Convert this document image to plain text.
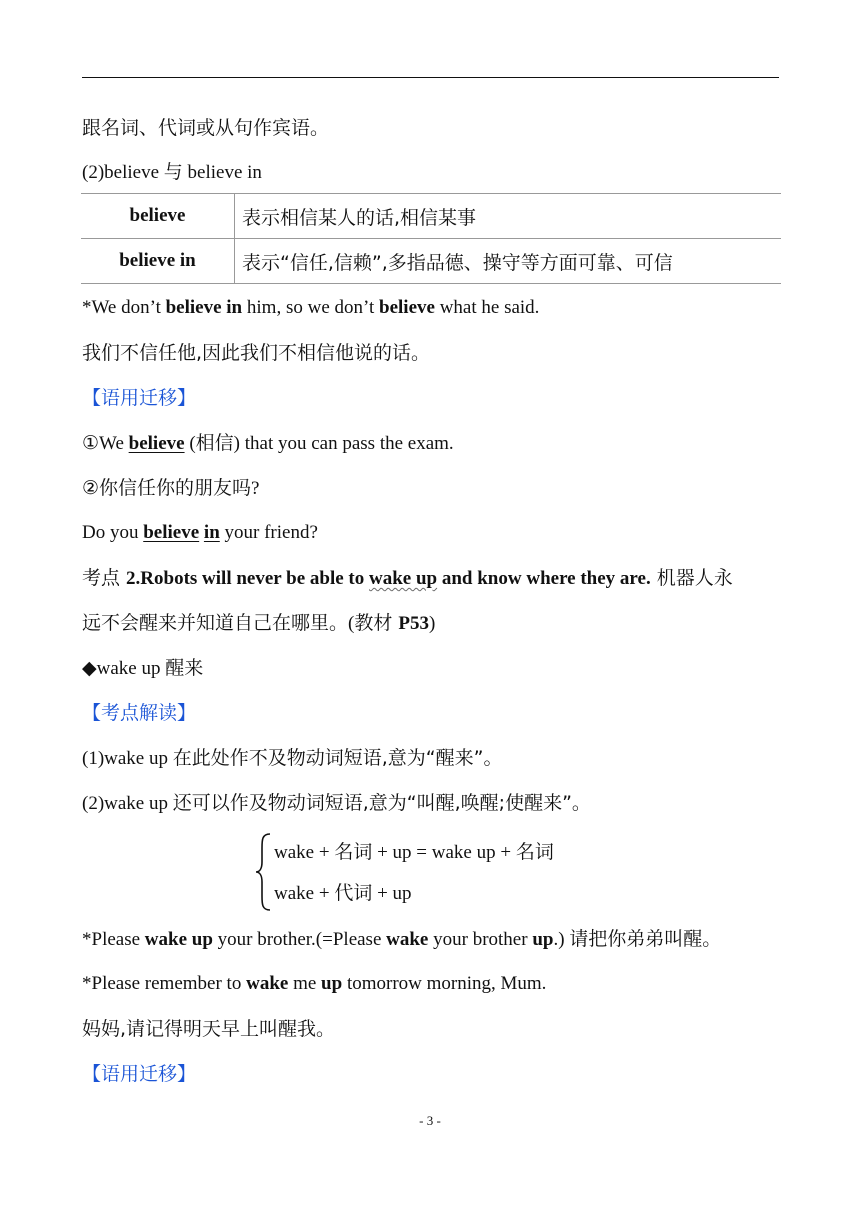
跟名词、代词或从句作宾语。
(2)believe 与 believe in
believe	表示相信某人的话,相信某事
believe in	表示“信任,信赖”,多指品德、操守等方面可靠、可信
*We don’t believe in him, so we don’t believe what he said.
我们不信任他,因此我们不相信他说的话。
【语用迁移】
①We believe (相信) that you can pass the exam.
②你信任你的朋友吗?
Do you believe in your friend?
考点 2.Robots will never be able to wake up and know where they are. 机器人永
远不会醒来并知道自己在哪里。(教材 P53)
◆wake up 醒来
【考点解读】
(1)wake up 在此处作不及物动词短语,意为“醒来”。
(2)wake up 还可以作及物动词短语,意为“叫醒,唤醒;使醒来”。
wake + 名词 + up = wake up + 名词
wake + 代词 + up
*Please wake up your brother.(=Please wake your brother up.) 请把你弟弟叫醒。
*Please remember to wake me up tomorrow morning, Mum.
妈妈,请记得明天早上叫醒我。
【语用迁移】
- 3 -
